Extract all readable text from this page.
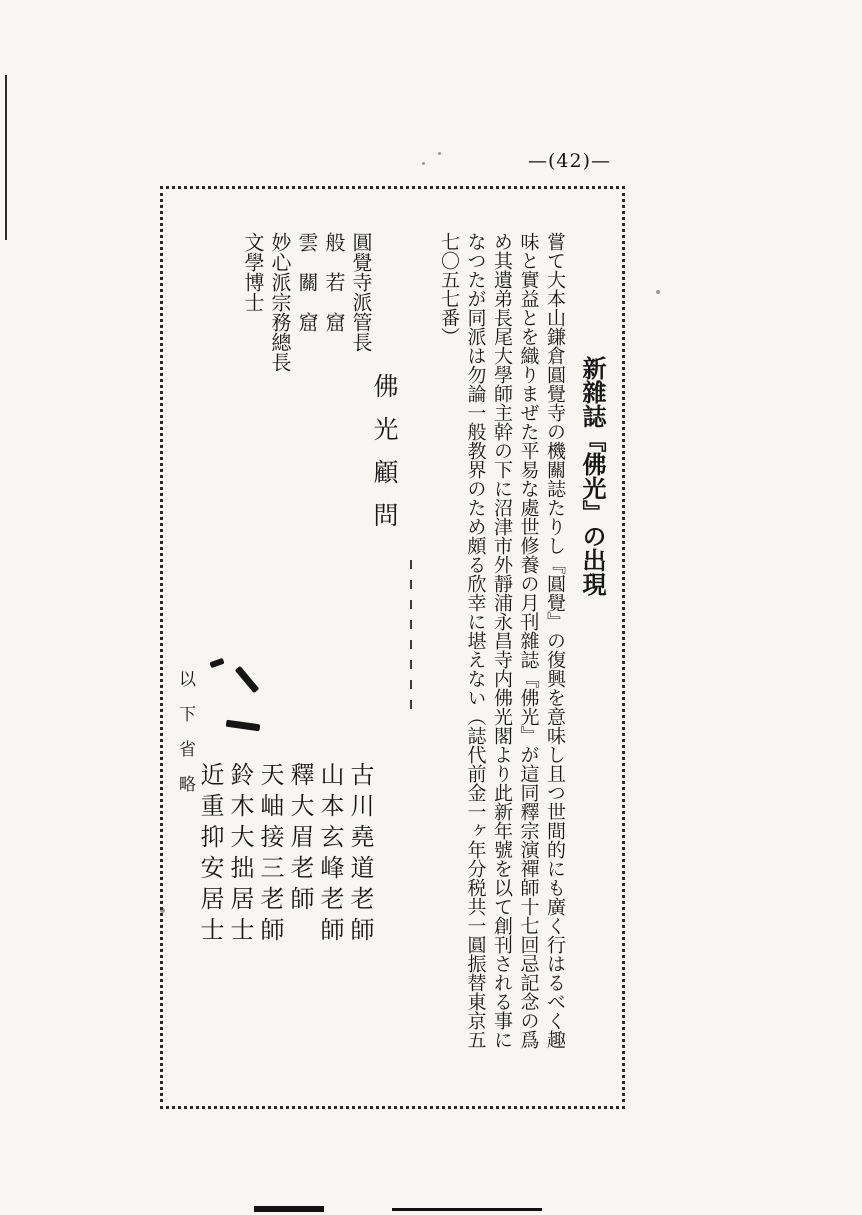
—(42)—
新雜誌『佛光』の出現
嘗て大本山鎌倉圓覺寺の機關誌たりし『圓覺』の復興を意味し且つ世間的にも廣く行はるべく趣味と實益とを織りまぜた平易な處世修養の月刊雜誌『佛光』が這同釋宗演禪師十七回忌記念の爲め其遺弟長尾大學師主幹の下に沼津市外靜浦永昌寺内佛光閣より此新年號を以て創刊される事になつたが同派は勿論一般教界のため頗る欣幸に堪えない（誌代前金一ヶ年分税共一圓振替東京五七〇五七番）
佛光顧問
圓覺寺派管長
般　若　窟
雲　關　窟
妙心派宗務總長
文學博士
古川堯道老師
山本玄峰老師
釋大眉老師
天岫接三老師
鈴木大拙居士
近重抑安居士
以下省略
